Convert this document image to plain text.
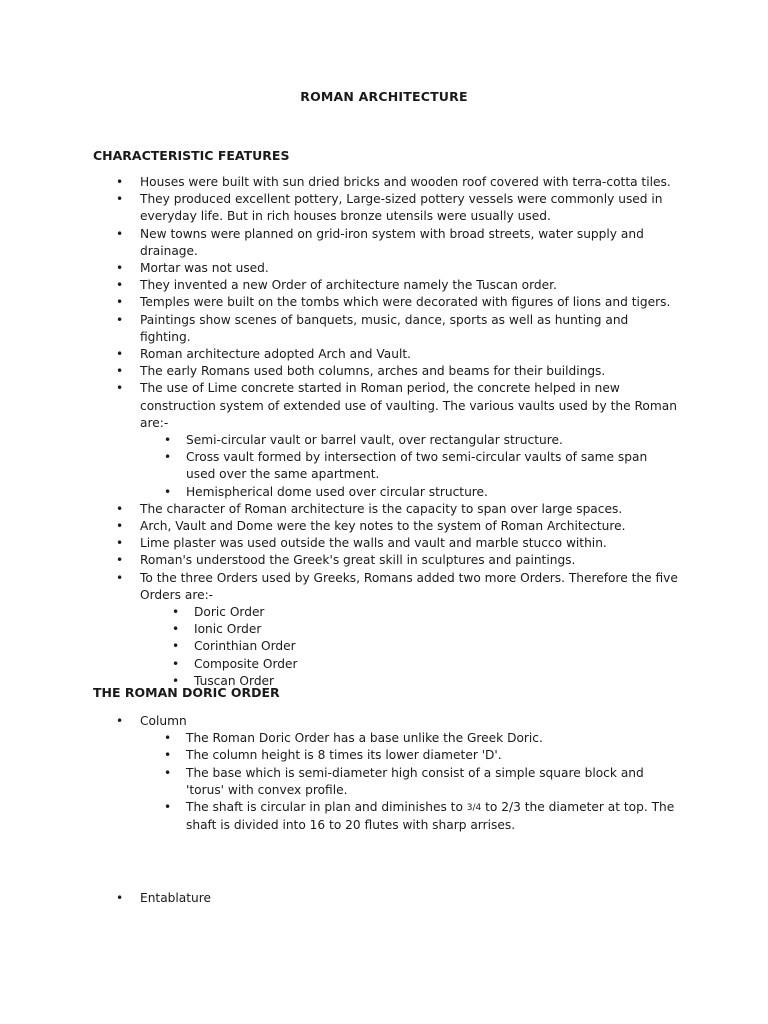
ROMAN ARCHITECTURE
CHARACTERISTIC FEATURES
• Houses were built with sun dried bricks and wooden roof covered with terra-cotta tiles.
• They produced excellent pottery, Large-sized pottery vessels were commonly used in everyday life. But in rich houses bronze utensils were usually used.
• New towns were planned on grid-iron system with broad streets, water supply and drainage.
• Mortar was not used.
• They invented a new Order of architecture namely the Tuscan order.
• Temples were built on the tombs which were decorated with figures of lions and tigers.
• Paintings show scenes of banquets, music, dance, sports as well as hunting and fighting.
• Roman architecture adopted Arch and Vault.
• The early Romans used both columns, arches and beams for their buildings.
• The use of Lime concrete started in Roman period, the concrete helped in new construction system of extended use of vaulting. The various vaults used by the Roman are:-
• Semi-circular vault or barrel vault, over rectangular structure.
• Cross vault formed by intersection of two semi-circular vaults of same span used over the same apartment.
• Hemispherical dome used over circular structure.
• The character of Roman architecture is the capacity to span over large spaces.
• Arch, Vault and Dome were the key notes to the system of Roman Architecture.
• Lime plaster was used outside the walls and vault and marble stucco within.
• Roman's understood the Greek's great skill in sculptures and paintings.
• To the three Orders used by Greeks, Romans added two more Orders. Therefore the five Orders are:-
• Doric Order
• Ionic Order
• Corinthian Order
• Composite Order
• Tuscan Order
THE ROMAN DORIC ORDER
• Column
• The Roman Doric Order has a base unlike the Greek Doric.
• The column height is 8 times its lower diameter 'D'.
• The base which is semi-diameter high consist of a simple square block and 'torus' with convex profile.
• The shaft is circular in plan and diminishes to 3/4 to 2/3 the diameter at top. The shaft is divided into 16 to 20 flutes with sharp arrises.
• Entablature
